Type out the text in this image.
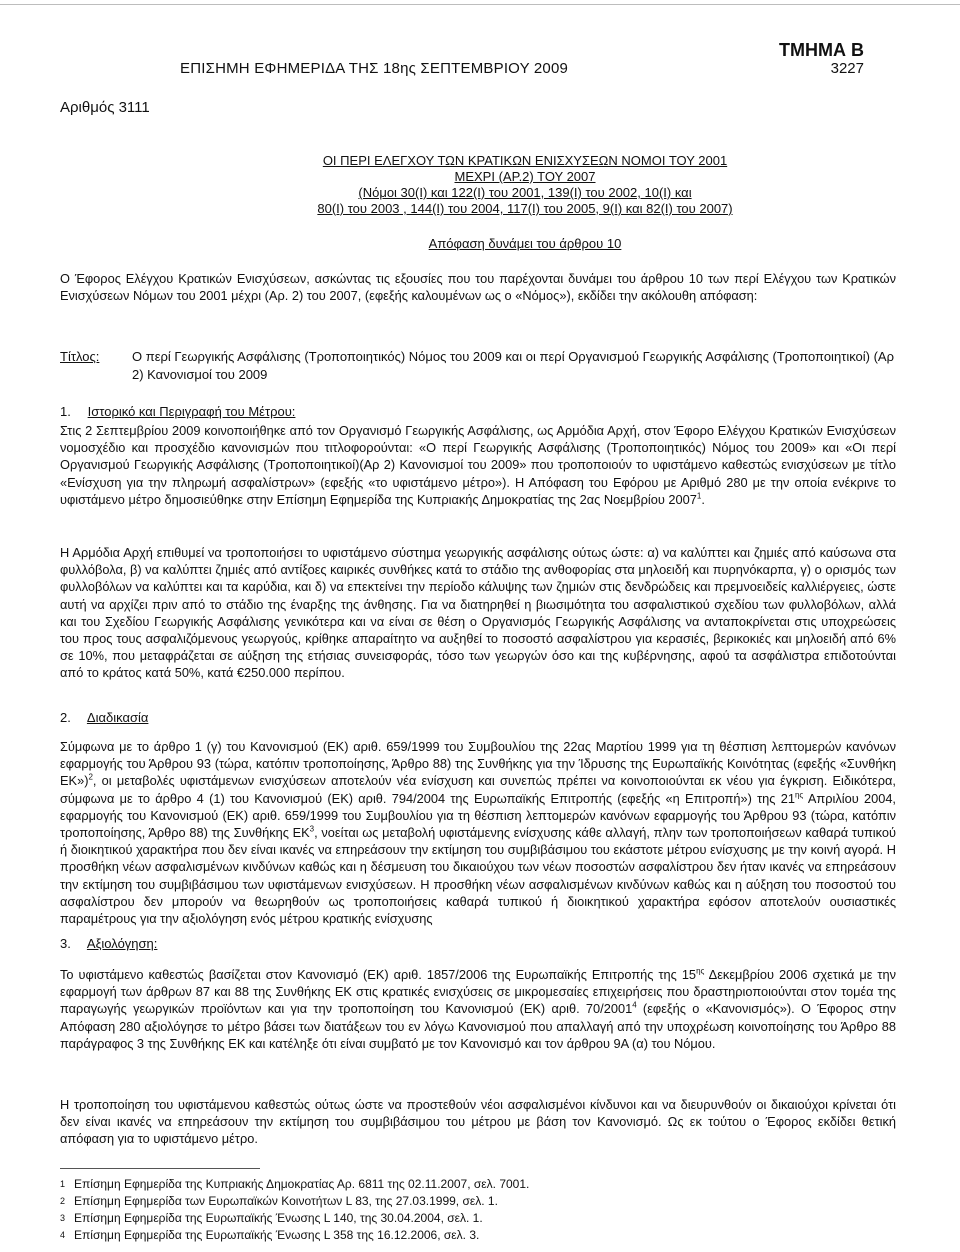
ΤΜΗΜΑ Β
ΕΠΙΣΗΜΗ ΕΦΗΜΕΡΙΔΑ ΤΗΣ 18ης ΣΕΠΤΕΜΒΡΙΟΥ 2009	3227
Αριθμός 3111
ΟΙ ΠΕΡΙ ΕΛΕΓΧΟΥ ΤΩΝ ΚΡΑΤΙΚΩΝ ΕΝΙΣΧΥΣΕΩΝ ΝΟΜΟΙ ΤΟΥ 2001
ΜΕΧΡΙ (ΑΡ.2) ΤΟΥ 2007
(Νόμοι 30(Ι) και 122(Ι) του 2001, 139(Ι) του 2002, 10(Ι) και
80(Ι) του 2003 , 144(Ι) του 2004, 117(Ι) του 2005, 9(Ι) και 82(Ι) του 2007)
Απόφαση δυνάμει του άρθρου 10
Ο Έφορος Ελέγχου Κρατικών Ενισχύσεων, ασκώντας τις εξουσίες που του παρέχονται δυνάμει του άρθρου 10 των περί Ελέγχου των Κρατικών Ενισχύσεων Νόμων του 2001 μέχρι (Αρ. 2) του 2007, (εφεξής καλουμένων ως ο «Νόμος»), εκδίδει την ακόλουθη απόφαση:
Τίτλος:	Ο περί Γεωργικής Ασφάλισης (Τροποποιητικός) Νόμος του 2009 και οι περί Οργανισμού Γεωργικής Ασφάλισης (Τροποποιητικοί) (Αρ 2) Κανονισμοί του 2009
1. Ιστορικό και Περιγραφή του Μέτρου:
Στις 2 Σεπτεμβρίου 2009 κοινοποιήθηκε από τον Οργανισμό Γεωργικής Ασφάλισης, ως Αρμόδια Αρχή, στον Έφορο Ελέγχου Κρατικών Ενισχύσεων νομοσχέδιο και προσχέδιο κανονισμών που τιτλοφορούνται: «Ο περί Γεωργικής Ασφάλισης (Τροποποιητικός) Νόμος του 2009» και «Οι περί Οργανισμού Γεωργικής Ασφάλισης (Τροποποιητικοί)(Αρ 2) Κανονισμοί του 2009» που τροποποιούν το υφιστάμενο καθεστώς ενισχύσεων με τίτλο «Ενίσχυση για την πληρωμή ασφαλίστρων» (εφεξής «το υφιστάμενο μέτρο»). Η Απόφαση του Εφόρου με Αριθμό 280 με την οποία ενέκρινε το υφιστάμενο μέτρο δημοσιεύθηκε στην Επίσημη Εφημερίδα της Κυπριακής Δημοκρατίας της 2ας Νοεμβρίου 2007$^1$.
Η Αρμόδια Αρχή επιθυμεί να τροποποιήσει το υφιστάμενο σύστημα γεωργικής ασφάλισης ούτως ώστε: α) να καλύπτει και ζημιές από καύσωνα στα φυλλόβολα, β) να καλύπτει ζημιές από αντίξοες καιρικές συνθήκες κατά το στάδιο της ανθοφορίας στα μηλοειδή και πυρηνόκαρπα, γ) ο ορισμός των φυλλοβόλων να καλύπτει και τα καρύδια, και δ) να επεκτείνει την περίοδο κάλυψης των ζημιών στις δενδρώδεις και πρεμνοειδείς καλλιέργειες, ώστε αυτή να αρχίζει πριν από το στάδιο της έναρξης της άνθησης. Για να διατηρηθεί η βιωσιμότητα του ασφαλιστικού σχεδίου των φυλλοβόλων, αλλά και του Σχεδίου Γεωργικής Ασφάλισης γενικότερα και να είναι σε θέση ο Οργανισμός Γεωργικής Ασφάλισης να ανταποκρίνεται στις υποχρεώσεις του προς τους ασφαλιζόμενους γεωργούς, κρίθηκε απαραίτητο να αυξηθεί το ποσοστό ασφαλίστρου για κερασιές, βερικοκιές και μηλοειδή από 6% σε 10%, που μεταφράζεται σε αύξηση της ετήσιας συνεισφοράς, τόσο των γεωργών όσο και της κυβέρνησης, αφού τα ασφάλιστρα επιδοτούνται από το κράτος κατά 50%, κατά €250.000 περίπου.
2. Διαδικασία
Σύμφωνα με το άρθρο 1 (γ) του Κανονισμού (ΕΚ) αριθ. 659/1999 του Συμβουλίου της 22ας Μαρτίου 1999 για τη θέσπιση λεπτομερών κανόνων εφαρμογής του Άρθρου 93 (τώρα, κατόπιν τροποποίησης, Άρθρο 88) της Συνθήκης για την Ίδρυσης της Ευρωπαϊκής Κοινότητας (εφεξής «Συνθήκη ΕΚ»)$^2$, οι μεταβολές υφιστάμενων ενισχύσεων αποτελούν νέα ενίσχυση και συνεπώς πρέπει να κοινοποιούνται εκ νέου για έγκριση. Ειδικότερα, σύμφωνα με το άρθρο 4 (1) του Κανονισμού (ΕΚ) αριθ. 794/2004 της Ευρωπαϊκής Επιτροπής (εφεξής «η Επιτροπή») της $21^{\eta\varsigma}$ Απριλίου 2004, εφαρμογής του Κανονισμού (ΕΚ) αριθ. 659/1999 του Συμβουλίου για τη θέσπιση λεπτομερών κανόνων εφαρμογής του Άρθρου 93 (τώρα, κατόπιν τροποποίησης, Άρθρο 88) της Συνθήκης $EK^3$, νοείται ως μεταβολή υφιστάμενης ενίσχυσης κάθε αλλαγή, πλην των τροποποιήσεων καθαρά τυπικού ή διοικητικού χαρακτήρα που δεν είναι ικανές να επηρεάσουν την εκτίμηση του συμβιβάσιμου του εκάστοτε μέτρου ενίσχυσης με την κοινή αγορά. Η προσθήκη νέων ασφαλισμένων κινδύνων καθώς και η δέσμευση του δικαιούχου των νέων ποσοστών ασφαλίστρου δεν ήταν ικανές να επηρεάσουν την εκτίμηση του συμβιβάσιμου των υφιστάμενων ενισχύσεων. Η προσθήκη νέων ασφαλισμένων κινδύνων καθώς και η αύξηση του ποσοστού του ασφαλίστρου δεν μπορούν να θεωρηθούν ως τροποποιήσεις καθαρά τυπικού ή διοικητικού χαρακτήρα εφόσον αποτελούν ουσιαστικές παραμέτρους για την αξιολόγηση ενός μέτρου κρατικής ενίσχυσης
3. Αξιολόγηση:
Το υφιστάμενο καθεστώς βασίζεται στον Κανονισμό (ΕΚ) αριθ. 1857/2006 της Ευρωπαϊκής Επιτροπής της $15^{\eta\varsigma}$ Δεκεμβρίου 2006 σχετικά με την εφαρμογή των άρθρων 87 και 88 της Συνθήκης ΕΚ στις κρατικές ενισχύσεις σε μικρομεσαίες επιχειρήσεις που δραστηριοποιούνται στον τομέα της παραγωγής γεωργικών προϊόντων και για την τροποποίηση του Κανονισμού (ΕΚ) αριθ. 70/2001$^4$ (εφεξής ο «Κανονισμός»). Ο Έφορος στην Απόφαση 280 αξιολόγησε το μέτρο βάσει των διατάξεων του εν λόγω Κανονισμού που απαλλαγή από την υποχρέωση κοινοποίησης του Άρθρο 88 παράγραφος 3 της Συνθήκης ΕΚ και κατέληξε ότι είναι συμβατό με τον Κανονισμό και τον άρθρου 9Α (α) του Νόμου.
Η τροποποίηση του υφιστάμενου καθεστώς ούτως ώστε να προστεθούν νέοι ασφαλισμένοι κίνδυνοι και να διευρυνθούν οι δικαιούχοι κρίνεται ότι δεν είναι ικανές να επηρεάσουν την εκτίμηση του συμβιβάσιμου του μέτρου με βάση τον Κανονισμό. Ως εκ τούτου ο Έφορος εκδίδει θετική απόφαση για το υφιστάμενο μέτρο.
1 Επίσημη Εφημερίδα της Κυπριακής Δημοκρατίας Αρ. 6811 της 02.11.2007, σελ. 7001.
2 Επίσημη Εφημερίδα των Ευρωπαϊκών Κοινοτήτων L 83, της 27.03.1999, σελ. 1.
3 Επίσημη Εφημερίδα της Ευρωπαϊκής Ένωσης L 140, της 30.04.2004, σελ. 1.
4 Επίσημη Εφημερίδα της Ευρωπαϊκής Ένωσης L 358 της 16.12.2006, σελ. 3.
